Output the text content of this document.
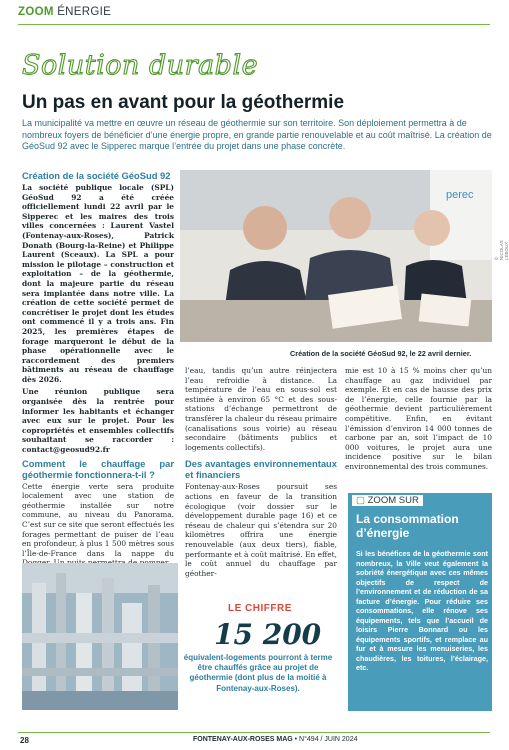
ZOOM ÉNERGIE
Solution durable
Un pas en avant pour la géothermie
La municipalité va mettre en œuvre un réseau de géothermie sur son territoire. Son déploiement permettra à de nombreux foyers de bénéficier d’une énergie propre, en grande partie renouvelable et au coût maîtrisé. La création de GéoSud 92 avec le Sipperec marque l’entrée du projet dans une phase concrète.
Création de la société GéoSud 92

La société publique locale (SPL) GéoSud 92 a été créée officiellement lundi 22 avril par le Sipperec et les maires des trois villes concernées : Laurent Vastel (Fontenay-aux-Roses), Patrick Donath (Bourg-la-Reine) et Philippe Laurent (Sceaux). La SPL a pour mission le pilotage – construction et exploitation – de la géothermie, dont la majeure partie du réseau sera implantée dans notre ville. La création de cette société permet de concrétiser le projet dont les études ont commencé il y a trois ans. Fin 2025, les premières étapes de forage marqueront le début de la phase opérationnelle avec le raccordement des premiers bâtiments au réseau de chauffage dès 2026.

Une réunion publique sera organisée dès la rentrée pour informer les habitants et échanger avec eux sur le projet. Pour les copropriétés et ensembles collectifs souhaitant se raccorder : contact@geosud92.fr

Comment le chauffage par géothermie fonctionnera-t-il ?

Cette énergie verte sera produite localement avec une station de géothermie installée sur notre commune, au niveau du Panorama. C’est sur ce site que seront effectués les forages permettant de puiser de l’eau en profondeur, à plus 1 500 mètres sous l’Île-de-France dans la nappe du

perec
© NICOLAS LEBOUX
Création de la société GéoSud 92, le 22 avril dernier.

l’eau, tandis qu’un autre réinjectera l’eau refroidie à distance. La température de l’eau en sous-sol est estimée à environ 65 °C et des sous-stations d’échange permettront de transférer la chaleur du réseau primaire (canalisations sous voirie) au réseau secondaire (bâtiments publics et logements collectifs).

Des avantages environnementaux et financiers

Fontenay-aux-Roses poursuit ses actions en faveur de la transition écologique (voir dossier sur le développement durable page 16) et ce réseau de chaleur qui s’étendra sur 20 kilomètres offrira une énergie renouvelable (aux deux tiers), fiable, performante et à coût maîtrisé. En effet, le coût annuel du chauffage par géother-

mie est 10 à 15 % moins cher qu’un chauffage au gaz individuel par exemple. Et en cas de hausse des prix de l’énergie, celle fournie par la géothermie devient particulièrement compétitive. Enfin, en évitant l’émission d’environ 14 000 tonnes de carbone par an, soit l’impact de 10 000 voitures, le projet aura une incidence positive sur le bilan environnemental des trois communes.

LE CHIFFRE
15 200
équivalent-logements pourront à terme être chauffés grâce au projet de géothermie (dont plus de la moitié à Fontenay-aux-Roses).
▢ ZOOM SUR
La consommation d’énergie
Si les bénéfices de la géothermie sont nombreux, la Ville veut également la sobriété énergétique avec ces mêmes objectifs de respect de l’environnement et de réduction de sa facture d’énergie. Pour réduire ses consommations, elle rénove ses équipements, tels que l’accueil de loisirs Pierre Bonnard ou les équipements sportifs, et remplace au fur et à mesure les menuiseries, les chaudières, les toitures, l’éclairage, etc.
28	FONTENAY-AUX-ROSES MAG • N°494 / JUIN 2024
